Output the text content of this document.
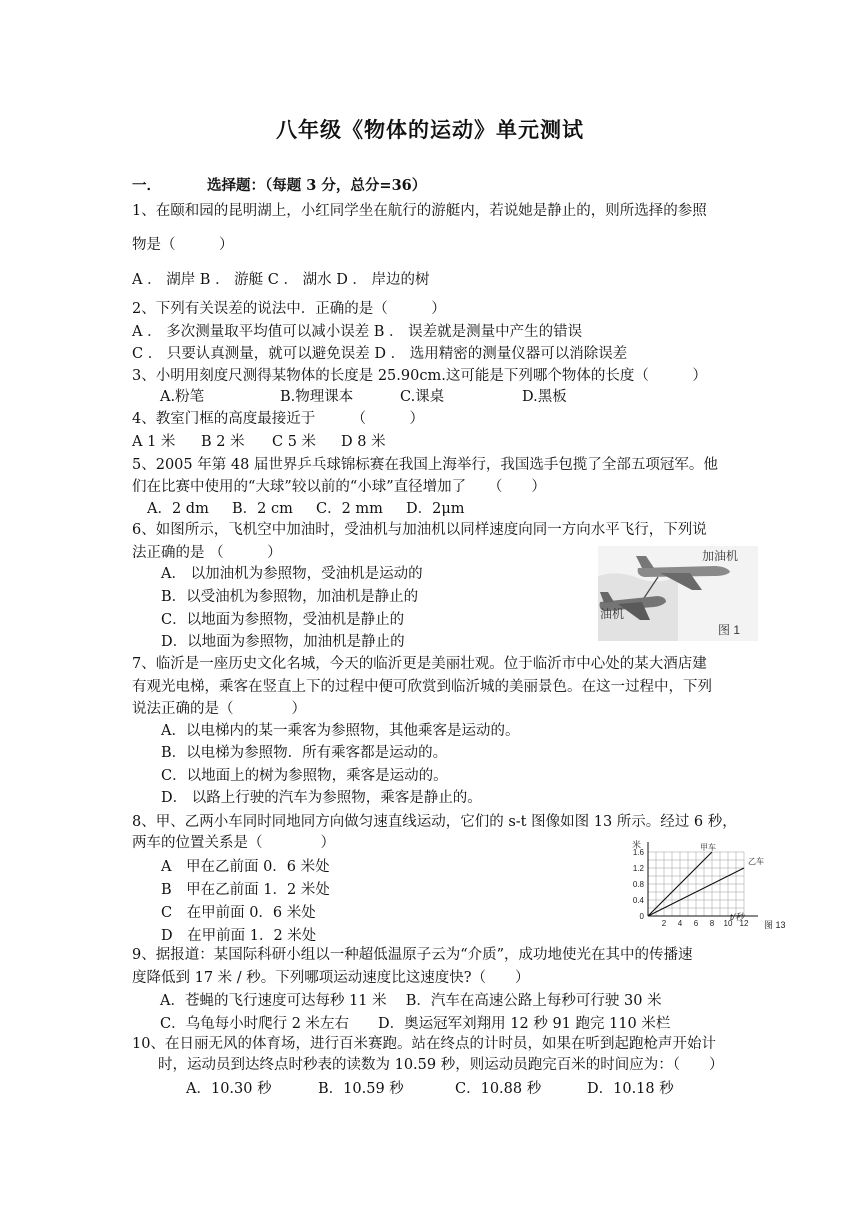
八年级《物体的运动》单元测试
一．	选择题：（每题 3 分，总分=36）
1、在颐和园的昆明湖上，小红同学坐在航行的游艇内，若说她是静止的，则所选择的参照
物是（　　　）
A ． 湖岸 B ． 游艇 C ． 湖水 D ． 岸边的树
2、下列有关误差的说法中．正确的是（　　　）
A ． 多次测量取平均值可以减小误差 B ． 误差就是测量中产生的错误
C ． 只要认真测量，就可以避免误差 D ． 选用精密的测量仪器可以消除误差
3、小明用刻度尺测得某物体的长度是 25.90cm.这可能是下列哪个物体的长度（　　　）
A.粉笔	B.物理课本	C.课桌	D.黑板
4、教室门框的高度最接近于　　　（　　　）
A 1 米 B 2 米 C 5 米 D 8 米
5、2005 年第 48 届世界乒乓球锦标赛在我国上海举行，我国选手包揽了全部五项冠军。他
们在比赛中使用的“大球”较以前的“小球”直径增加了　　（　　）
A．2 dm B．2 cm C．2 mm D．2μm
6、如图所示，飞机空中加油时，受油机与加油机以同样速度向同一方向水平飞行，下列说
法正确的是 （　　　）
A． 以加油机为参照物，受油机是运动的
B．以受油机为参照物，加油机是静止的
C．以地面为参照物，受油机是静止的
D．以地面为参照物，加油机是静止的
加油机
油机
图 1
7、临沂是一座历史文化名城，今天的临沂更是美丽壮观。位于临沂市中心处的某大酒店建
有观光电梯，乘客在竖直上下的过程中便可欣赏到临沂城的美丽景色。在这一过程中，下列
说法正确的是（　　　　）
A．以电梯内的某一乘客为参照物，其他乘客是运动的。
B．以电梯为参照物．所有乘客都是运动的。
C．以地面上的树为参照物，乘客是运动的。
D． 以路上行驶的汽车为参照物，乘客是静止的。
8、甲、乙两小车同时同地同方向做匀速直线运动，它们的 s-t 图像如图 13 所示。经过 6 秒，
两车的位置关系是（　　　　）
A　甲在乙前面 0．6 米处
B　甲在乙前面 1．2 米处
C　在甲前面 0．6 米处
D　在甲前面 1．2 米处
1.6
1.2
0.8
0.4
0
2 4 6 8 10 12
甲车
乙车
米
t/秒
图 13
9、据报道：某国际科研小组以一种超低温原子云为“介质”，成功地使光在其中的传播速
度降低到 17 米 / 秒。下列哪项运动速度比这速度快?（　　）
A．苍蝇的飞行速度可达每秒 11 米　 B．汽车在高速公路上每秒可行驶 30 米
C．乌龟每小时爬行 2 米左右　　D．奥运冠军刘翔用 12 秒 91 跑完 110 米栏
10、在日丽无风的体育场，进行百米赛跑。站在终点的计时员，如果在听到起跑枪声开始计
时，运动员到达终点时秒表的读数为 10.59 秒，则运动员跑完百米的时间应为：（　　）
A．10.30 秒	B．10.59 秒	C．10.88 秒	D．10.18 秒
